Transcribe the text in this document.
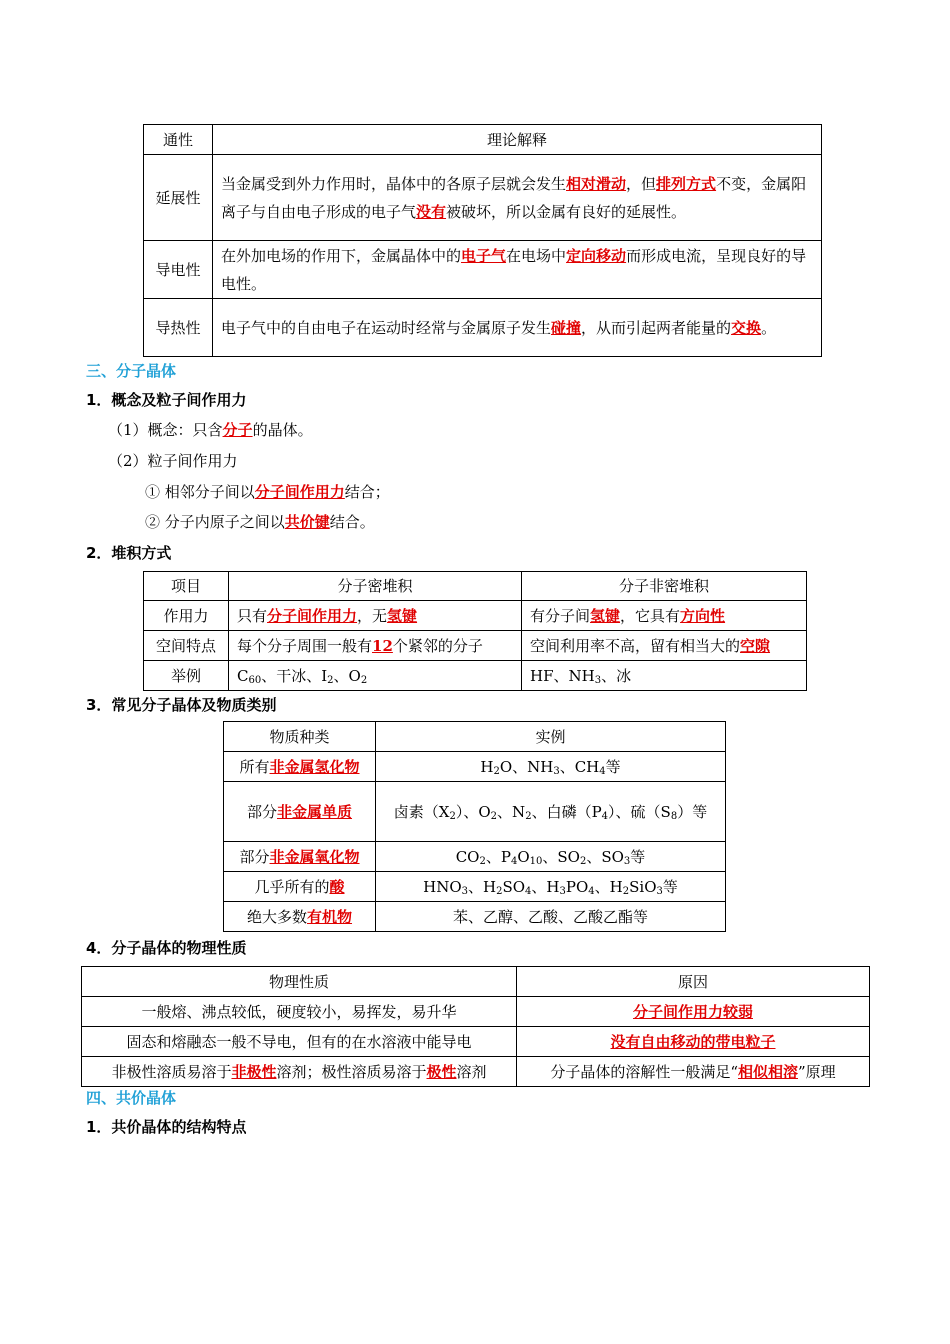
通性	理论解释
延展性	当金属受到外力作用时，晶体中的各原子层就会发生相对滑动，但排列方式不变，金属阳离子与自由电子形成的电子气没有被破坏，所以金属有良好的延展性。
导电性	在外加电场的作用下，金属晶体中的电子气在电场中定向移动而形成电流，呈现良好的导电性。
导热性	电子气中的自由电子在运动时经常与金属原子发生碰撞，从而引起两者能量的交换。
三、分子晶体
1．概念及粒子间作用力
（1）概念：只含分子的晶体。
（2）粒子间作用力
① 相邻分子间以分子间作用力结合；
② 分子内原子之间以共价键结合。
2．堆积方式
项目	分子密堆积	分子非密堆积
作用力	只有分子间作用力，无氢键	有分子间氢键，它具有方向性
空间特点	每个分子周围一般有12个紧邻的分子	空间利用率不高，留有相当大的空隙
举例	$C_{60}$、干冰、$I_2$、$O_2$	HF、$NH_3$、冰
3．常见分子晶体及物质类别
物质种类	实例
所有非金属氢化物	$H_2O$、$NH_3$、$CH_4$等
部分非金属单质	卤素$(X_2)$、$O_2$、$N_2$、白磷$(P_4)$、硫$(S_8)$等
部分非金属氧化物	$CO_2$、$P_4O_{10}$、$SO_2$、$SO_3$等
几乎所有的酸	$HNO_3$、$H_2SO_4$、$H_3PO_4$、$H_2SiO_3$等
绝大多数有机物	苯、乙醇、乙酸、乙酸乙酯等
4．分子晶体的物理性质
物理性质	原因
一般熔、沸点较低，硬度较小，易挥发，易升华	分子间作用力较弱
固态和熔融态一般不导电，但有的在水溶液中能导电	没有自由移动的带电粒子
非极性溶质易溶于非极性溶剂；极性溶质易溶于极性溶剂	分子晶体的溶解性一般满足“相似相溶”原理
四、共价晶体
1．共价晶体的结构特点
